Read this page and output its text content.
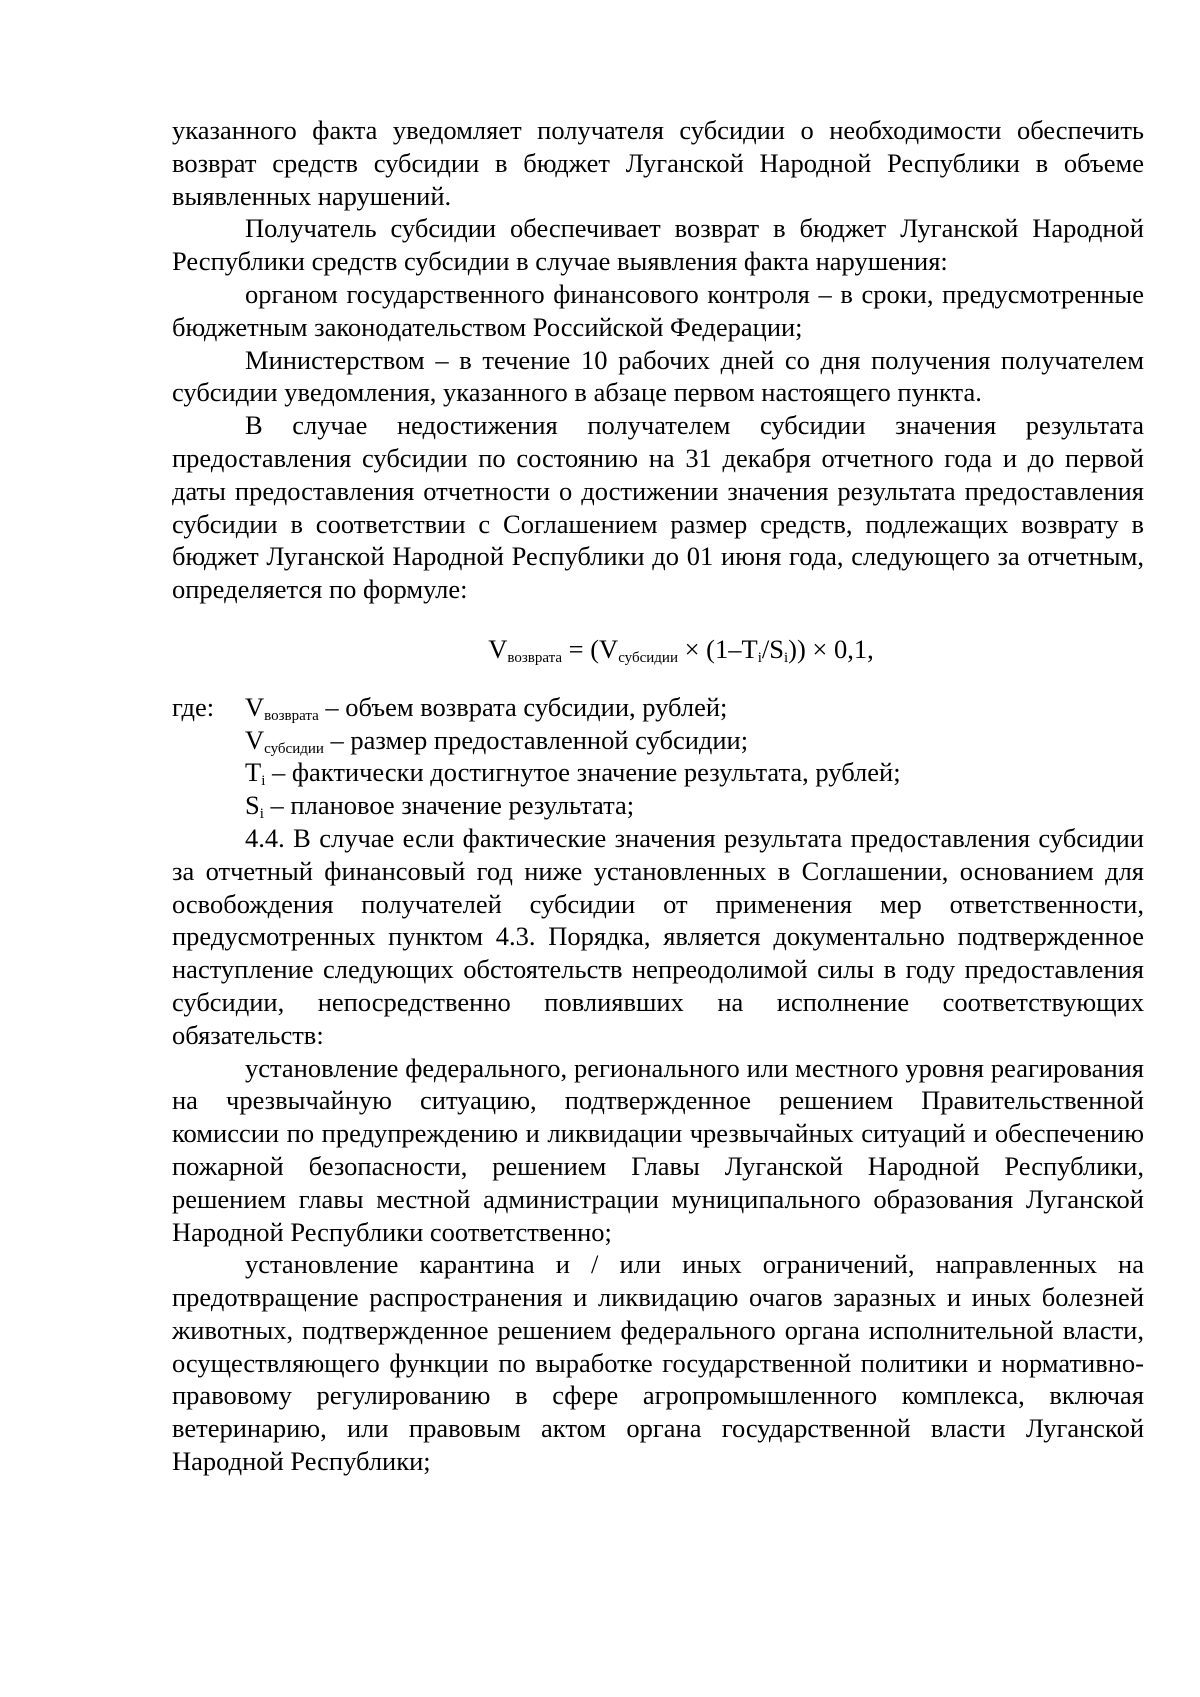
указанного факта уведомляет получателя субсидии о необходимости обеспечить возврат средств субсидии в бюджет Луганской Народной Республики в объеме выявленных нарушений.

Получатель субсидии обеспечивает возврат в бюджет Луганской Народной Республики средств субсидии в случае выявления факта нарушения:

органом государственного финансового контроля – в сроки, предусмотренные бюджетным законодательством Российской Федерации;

Министерством – в течение 10 рабочих дней со дня получения получателем субсидии уведомления, указанного в абзаце первом настоящего пункта.

В случае недостижения получателем субсидии значения результата предоставления субсидии по состоянию на 31 декабря отчетного года и до первой даты предоставления отчетности о достижении значения результата предоставления субсидии в соответствии с Соглашением размер средств, подлежащих возврату в бюджет Луганской Народной Республики до 01 июня года, следующего за отчетным, определяется по формуле:

$V_{возврата} = (V_{субсидии} \times (1-T_i/S_i)) \times 0,1$,

где: $V_{возврата}$ – объем возврата субсидии, рублей;

$V_{субсидии}$ – размер предоставленной субсидии;

$T_i$ – фактически достигнутое значение результата, рублей;

$S_i$ – плановое значение результата;

4.4. В случае если фактические значения результата предоставления субсидии за отчетный финансовый год ниже установленных в Соглашении, основанием для освобождения получателей субсидии от применения мер ответственности, предусмотренных пунктом 4.3. Порядка, является документально подтвержденное наступление следующих обстоятельств непреодолимой силы в году предоставления субсидии, непосредственно повлиявших на исполнение соответствующих обязательств:

установление федерального, регионального или местного уровня реагирования на чрезвычайную ситуацию, подтвержденное решением Правительственной комиссии по предупреждению и ликвидации чрезвычайных ситуаций и обеспечению пожарной безопасности, решением Главы Луганской Народной Республики, решением главы местной администрации муниципального образования Луганской Народной Республики соответственно;

установление карантина и / или иных ограничений, направленных на предотвращение распространения и ликвидацию очагов заразных и иных болезней животных, подтвержденное решением федерального органа исполнительной власти, осуществляющего функции по выработке государственной политики и нормативно-правовому регулированию в сфере агропромышленного комплекса, включая ветеринарию, или правовым актом органа государственной власти Луганской Народной Республики;
